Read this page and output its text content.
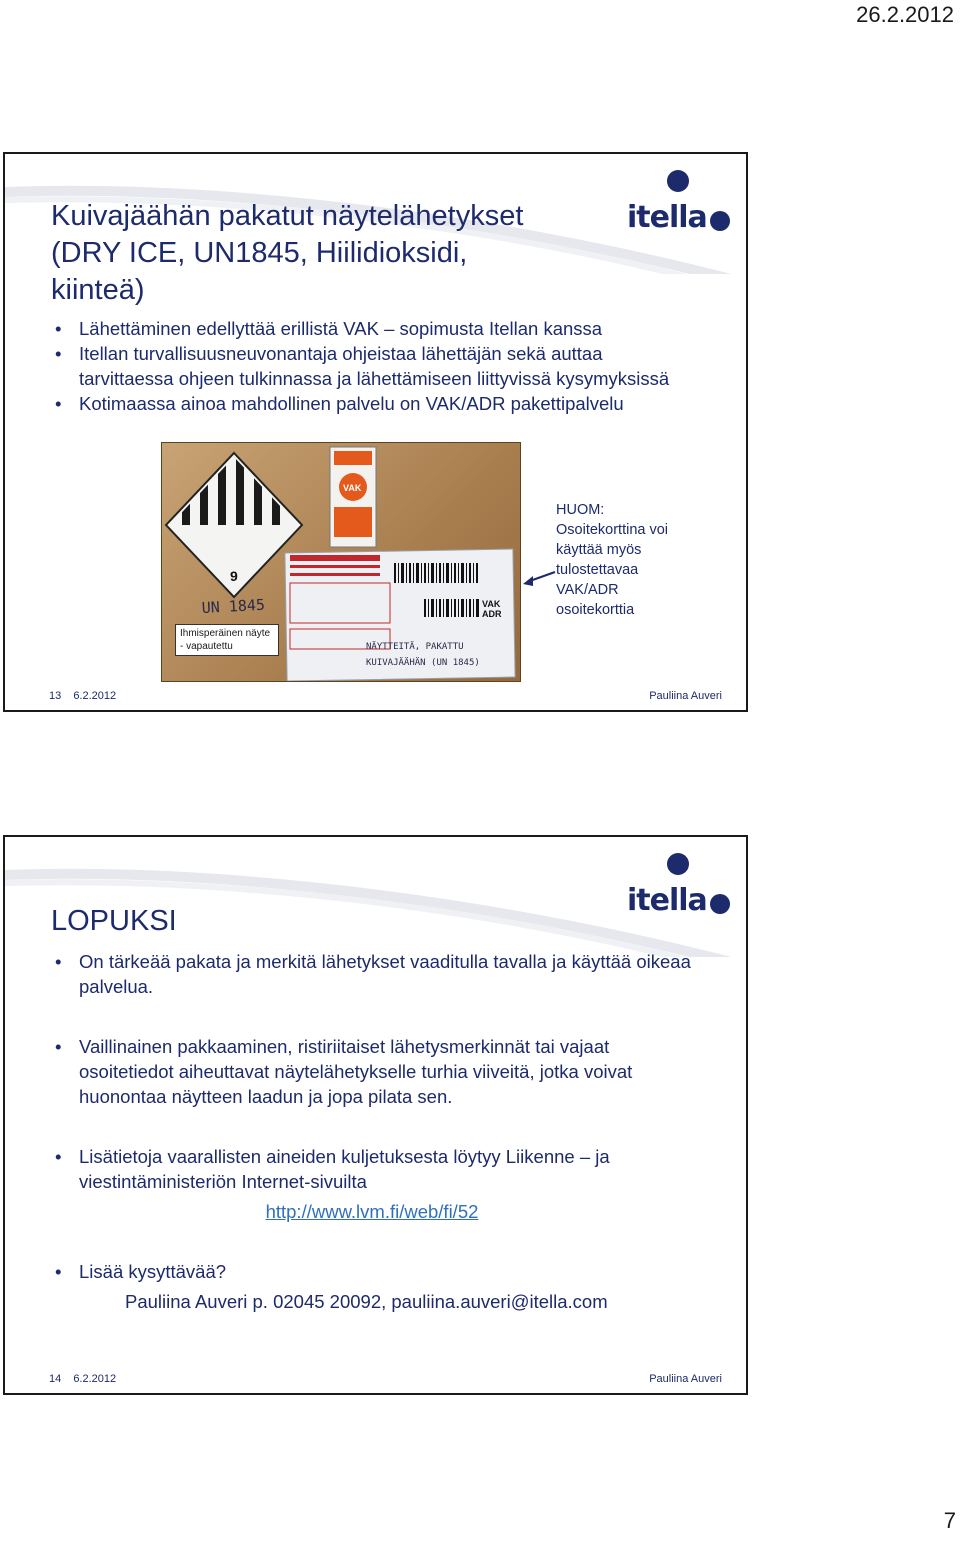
26.2.2012
itella
Kuivajäähän pakatut näytelähetykset
(DRY ICE, UN1845, Hiilidioksidi,
kiinteä)
• Lähettäminen edellyttää erillistä VAK – sopimusta Itellan kanssa
• Itellan turvallisuusneuvonantaja ohjeistaa lähettäjän sekä auttaa tarvittaessa ohjeen tulkinnassa ja lähettämiseen liittyvissä kysymyksissä
• Kotimaassa ainoa mahdollinen palvelu on VAK/ADR pakettipalvelu
9
UN 1845
VAK
VAK ADR
NÄYTTEITÄ, PAKATTU
KUIVAJÄÄHÄN (UN 1845)
Ihmisperäinen näyte - vapautettu
HUOM:
Osoitekorttina voi
käyttää myös
tulostettavaa
VAK/ADR
osoitekorttia
13 6.2.2012	Pauliina Auveri
itella
LOPUKSI
• On tärkeää pakata ja merkitä lähetykset vaaditulla tavalla ja käyttää oikeaa palvelua.
• Vaillinainen pakkaaminen, ristiriitaiset lähetysmerkinnät tai vajaat osoitetiedot aiheuttavat näytelähetykselle turhia viiveitä, jotka voivat huonontaa näytteen laadun ja jopa pilata sen.
• Lisätietoja vaarallisten aineiden kuljetuksesta löytyy Liikenne – ja viestintäministeriön Internet-sivuilta
http://www.lvm.fi/web/fi/52
• Lisää kysyttävää?
Pauliina Auveri p. 02045 20092, pauliina.auveri@itella.com
14 6.2.2012	Pauliina Auveri
7
